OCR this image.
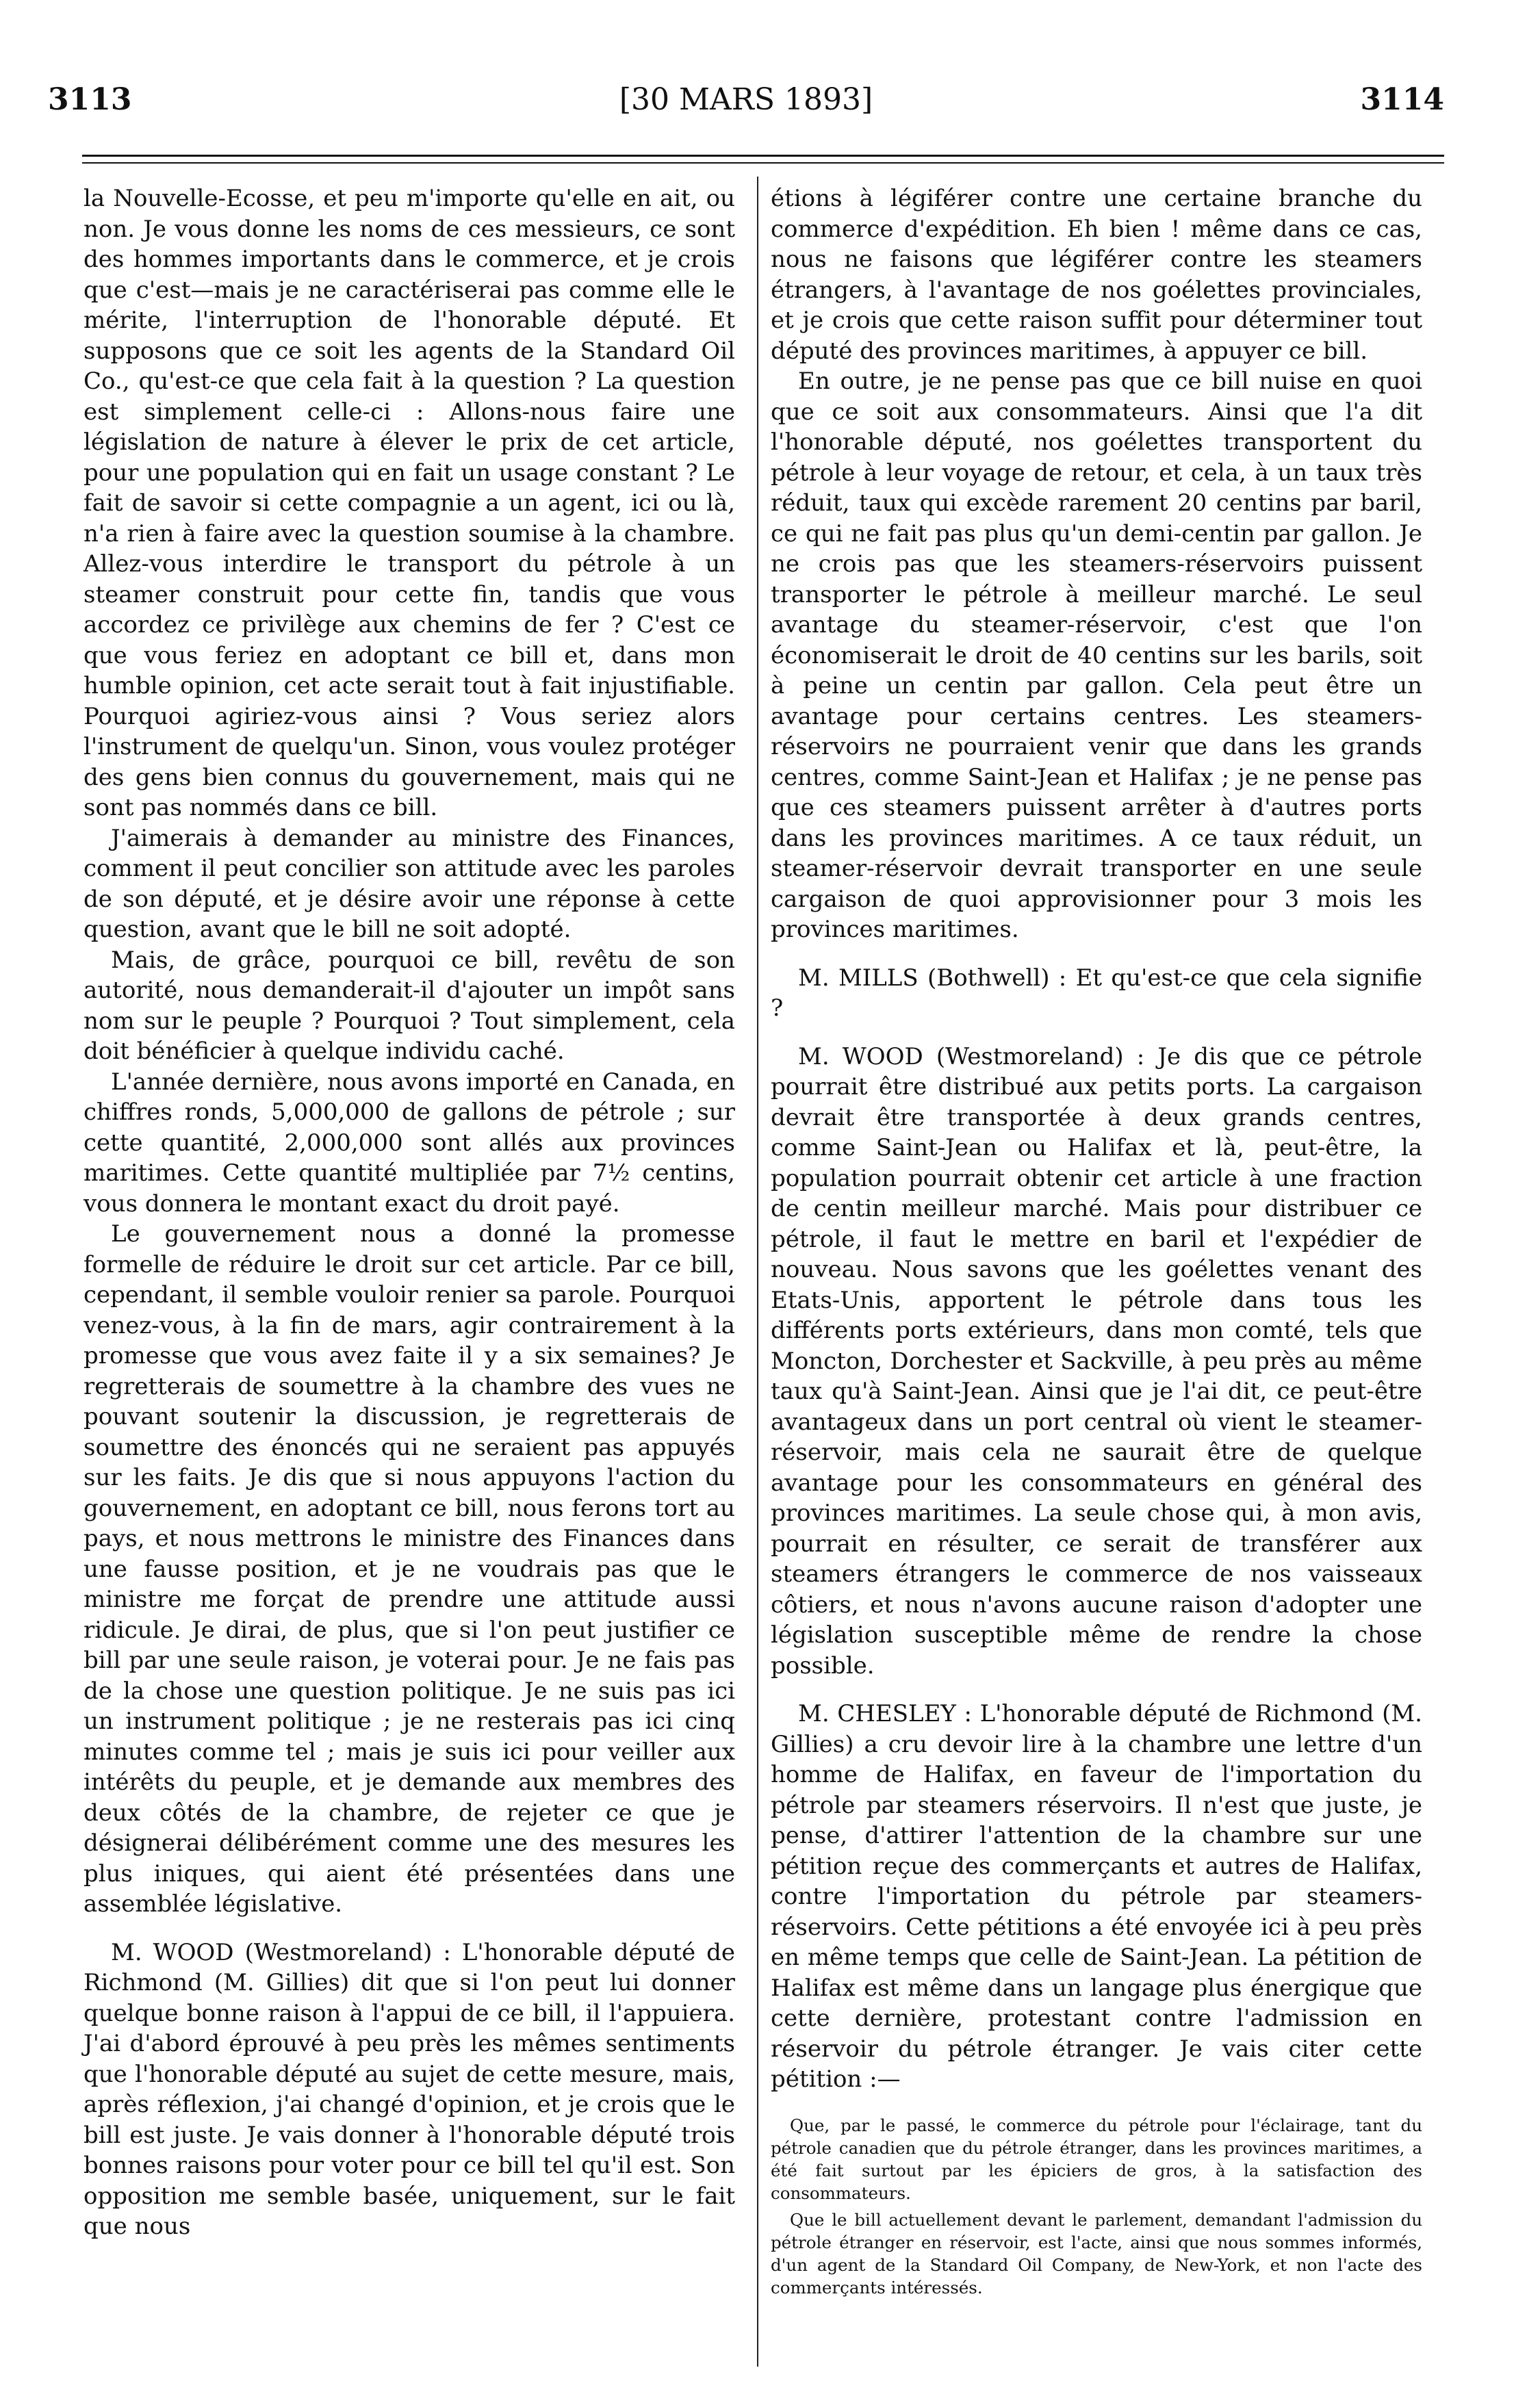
3113	[30 MARS 1893]	3114

la Nouvelle-Ecosse, et peu m'importe qu'elle en ait, ou non. Je vous donne les noms de ces messieurs, ce sont des hommes importants dans le commerce, et je crois que c'est—mais je ne caractériserai pas comme elle le mérite, l'interruption de l'honorable député. Et supposons que ce soit les agents de la Standard Oil Co., qu'est-ce que cela fait à la question ? La question est simplement celle-ci : Allons-nous faire une législation de nature à élever le prix de cet article, pour une population qui en fait un usage constant ? Le fait de savoir si cette compagnie a un agent, ici ou là, n'a rien à faire avec la question soumise à la chambre. Allez-vous interdire le transport du pétrole à un steamer construit pour cette fin, tandis que vous accordez ce privilège aux chemins de fer ? C'est ce que vous feriez en adoptant ce bill et, dans mon humble opinion, cet acte serait tout à fait injustifiable. Pourquoi agiriez-vous ainsi ? Vous seriez alors l'instrument de quelqu'un. Sinon, vous voulez protéger des gens bien connus du gouvernement, mais qui ne sont pas nommés dans ce bill.

J'aimerais à demander au ministre des Finances, comment il peut concilier son attitude avec les paroles de son député, et je désire avoir une réponse à cette question, avant que le bill ne soit adopté.

Mais, de grâce, pourquoi ce bill, revêtu de son autorité, nous demanderait-il d'ajouter un impôt sans nom sur le peuple ? Pourquoi ? Tout simplement, cela doit bénéficier à quelque individu caché.

L'année dernière, nous avons importé en Canada, en chiffres ronds, 5,000,000 de gallons de pétrole ; sur cette quantité, 2,000,000 sont allés aux provinces maritimes. Cette quantité multipliée par 7½ centins, vous donnera le montant exact du droit payé.

Le gouvernement nous a donné la promesse formelle de réduire le droit sur cet article. Par ce bill, cependant, il semble vouloir renier sa parole. Pourquoi venez-vous, à la fin de mars, agir contrairement à la promesse que vous avez faite il y a six semaines? Je regretterais de soumettre à la chambre des vues ne pouvant soutenir la discussion, je regretterais de soumettre des énoncés qui ne seraient pas appuyés sur les faits. Je dis que si nous appuyons l'action du gouvernement, en adoptant ce bill, nous ferons tort au pays, et nous mettrons le ministre des Finances dans une fausse position, et je ne voudrais pas que le ministre me forçat de prendre une attitude aussi ridicule. Je dirai, de plus, que si l'on peut justifier ce bill par une seule raison, je voterai pour. Je ne fais pas de la chose une question politique. Je ne suis pas ici un instrument politique ; je ne resterais pas ici cinq minutes comme tel ; mais je suis ici pour veiller aux intérêts du peuple, et je demande aux membres des deux côtés de la chambre, de rejeter ce que je désignerai délibérément comme une des mesures les plus iniques, qui aient été présentées dans une assemblée législative.

M. WOOD (Westmoreland) : L'honorable député de Richmond (M. Gillies) dit que si l'on peut lui donner quelque bonne raison à l'appui de ce bill, il l'appuiera. J'ai d'abord éprouvé à peu près les mêmes sentiments que l'honorable député au sujet de cette mesure, mais, après réflexion, j'ai changé d'opinion, et je crois que le bill est juste. Je vais donner à l'honorable député trois bonnes raisons pour voter pour ce bill tel qu'il est. Son opposition me semble basée, uniquement, sur le fait que nous

étions à légiférer contre une certaine branche du commerce d'expédition. Eh bien ! même dans ce cas, nous ne faisons que légiférer contre les steamers étrangers, à l'avantage de nos goélettes provinciales, et je crois que cette raison suffit pour déterminer tout député des provinces maritimes, à appuyer ce bill.

En outre, je ne pense pas que ce bill nuise en quoi que ce soit aux consommateurs. Ainsi que l'a dit l'honorable député, nos goélettes transportent du pétrole à leur voyage de retour, et cela, à un taux très réduit, taux qui excède rarement 20 centins par baril, ce qui ne fait pas plus qu'un demi-centin par gallon. Je ne crois pas que les steamers-réservoirs puissent transporter le pétrole à meilleur marché. Le seul avantage du steamer-réservoir, c'est que l'on économiserait le droit de 40 centins sur les barils, soit à peine un centin par gallon. Cela peut être un avantage pour certains centres. Les steamers-réservoirs ne pourraient venir que dans les grands centres, comme Saint-Jean et Halifax ; je ne pense pas que ces steamers puissent arrêter à d'autres ports dans les provinces maritimes. A ce taux réduit, un steamer-réservoir devrait transporter en une seule cargaison de quoi approvisionner pour 3 mois les provinces maritimes.

M. MILLS (Bothwell) : Et qu'est-ce que cela signifie ?

M. WOOD (Westmoreland) : Je dis que ce pétrole pourrait être distribué aux petits ports. La cargaison devrait être transportée à deux grands centres, comme Saint-Jean ou Halifax et là, peut-être, la population pourrait obtenir cet article à une fraction de centin meilleur marché. Mais pour distribuer ce pétrole, il faut le mettre en baril et l'expédier de nouveau. Nous savons que les goélettes venant des Etats-Unis, apportent le pétrole dans tous les différents ports extérieurs, dans mon comté, tels que Moncton, Dorchester et Sackville, à peu près au même taux qu'à Saint-Jean. Ainsi que je l'ai dit, ce peut-être avantageux dans un port central où vient le steamer-réservoir, mais cela ne saurait être de quelque avantage pour les consommateurs en général des provinces maritimes. La seule chose qui, à mon avis, pourrait en résulter, ce serait de transférer aux steamers étrangers le commerce de nos vaisseaux côtiers, et nous n'avons aucune raison d'adopter une législation susceptible même de rendre la chose possible.

M. CHESLEY : L'honorable député de Richmond (M. Gillies) a cru devoir lire à la chambre une lettre d'un homme de Halifax, en faveur de l'importation du pétrole par steamers réservoirs. Il n'est que juste, je pense, d'attirer l'attention de la chambre sur une pétition reçue des commerçants et autres de Halifax, contre l'importation du pétrole par steamers-réservoirs. Cette pétitions a été envoyée ici à peu près en même temps que celle de Saint-Jean. La pétition de Halifax est même dans un langage plus énergique que cette dernière, protestant contre l'admission en réservoir du pétrole étranger. Je vais citer cette pétition :—

Que, par le passé, le commerce du pétrole pour l'éclairage, tant du pétrole canadien que du pétrole étranger, dans les provinces maritimes, a été fait surtout par les épiciers de gros, à la satisfaction des consommateurs.

Que le bill actuellement devant le parlement, demandant l'admission du pétrole étranger en réservoir, est l'acte, ainsi que nous sommes informés, d'un agent de la Standard Oil Company, de New-York, et non l'acte des commerçants intéressés.
